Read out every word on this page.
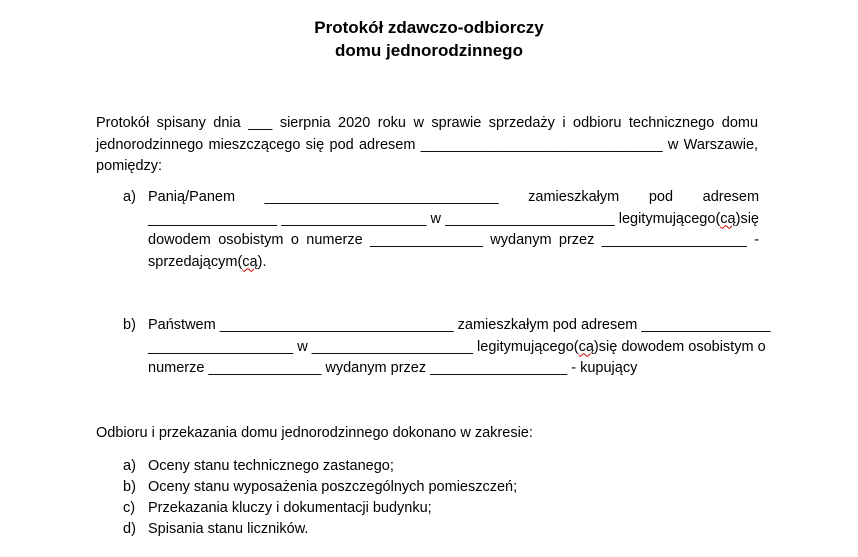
Protokół zdawczo-odbiorczy
domu jednorodzinnego
Protokół spisany dnia ___ sierpnia 2020 roku w sprawie sprzedaży i odbioru technicznego domu
jednorodzinnego mieszczącego się pod adresem ______________________________ w Warszawie,
pomiędzy:
a) Panią/Panem _____________________________ zamieszkałym pod adresem
________________ __________________ w _____________________ legitymującego(cą)się
dowodem osobistym o numerze ______________ wydanym przez __________________ -
sprzedającym(cą).
b) Państwem _____________________________ zamieszkałym pod adresem ________________
__________________ w ____________________ legitymującego(cą)się dowodem osobistym o
numerze ______________ wydanym przez _________________ - kupujący
Odbioru i przekazania domu jednorodzinnego dokonano w zakresie:
a) Oceny stanu technicznego zastanego;
b) Oceny stanu wyposażenia poszczególnych pomieszczeń;
c) Przekazania kluczy i dokumentacji budynku;
d) Spisania stanu liczników.
